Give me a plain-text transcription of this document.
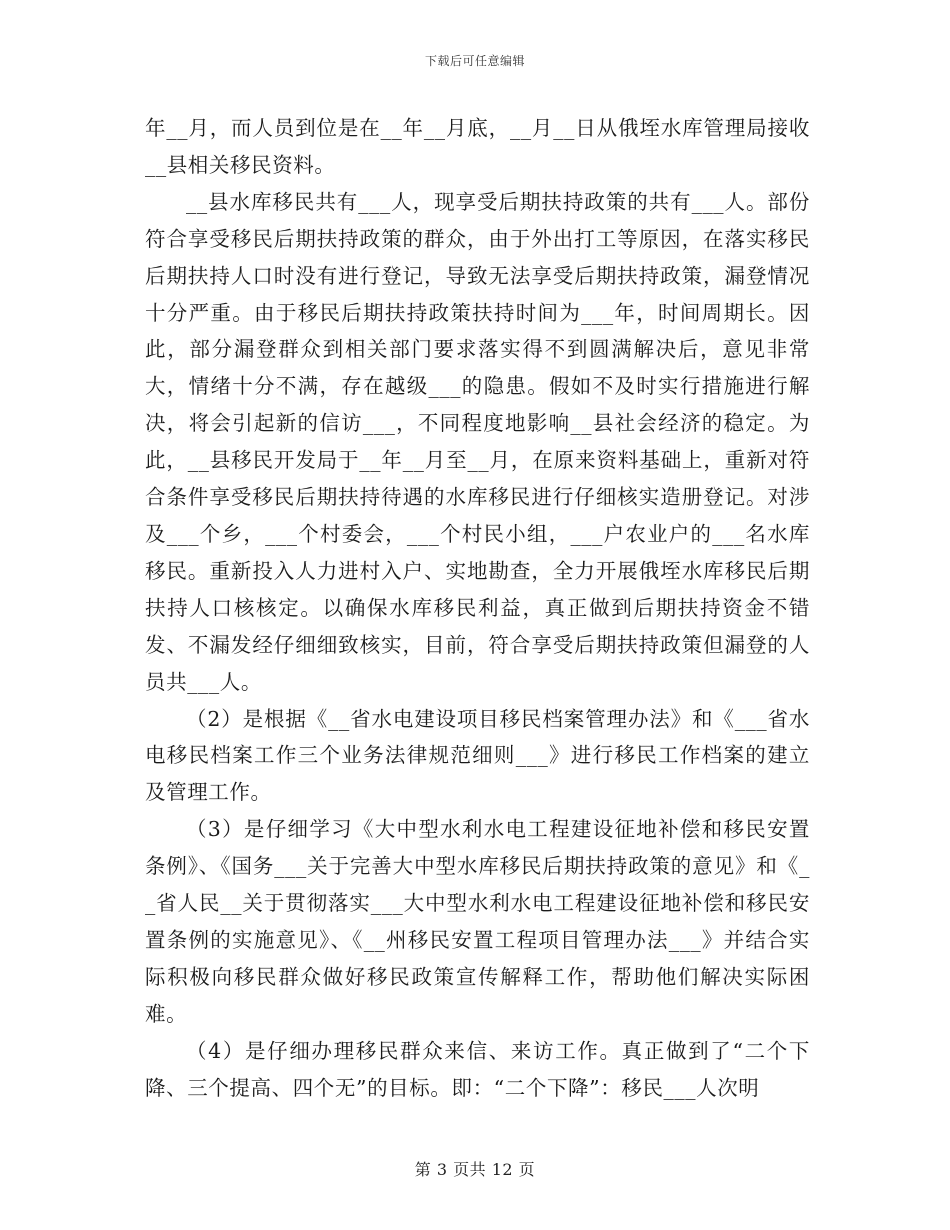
下载后可任意编辑

年__月，而人员到位是在__年__月底，__月__日从俄垤水库管理局接收__县相关移民资料。

__县水库移民共有___人，现享受后期扶持政策的共有___人。部份符合享受移民后期扶持政策的群众，由于外出打工等原因，在落实移民后期扶持人口时没有进行登记，导致无法享受后期扶持政策，漏登情况十分严重。由于移民后期扶持政策扶持时间为___年，时间周期长。因此，部分漏登群众到相关部门要求落实得不到圆满解决后，意见非常大，情绪十分不满，存在越级___的隐患。假如不及时实行措施进行解决，将会引起新的信访___，不同程度地影响__县社会经济的稳定。为此，__县移民开发局于__年__月至__月，在原来资料基础上，重新对符合条件享受移民后期扶持待遇的水库移民进行仔细核实造册登记。对涉及___个乡，___个村委会，___个村民小组，___户农业户的___名水库移民。重新投入人力进村入户、实地勘查，全力开展俄垤水库移民后期扶持人口核核定。以确保水库移民利益，真正做到后期扶持资金不错发、不漏发经仔细细致核实，目前，符合享受后期扶持政策但漏登的人员共___人。

（2）是根据《__省水电建设项目移民档案管理办法》和《___省水电移民档案工作三个业务法律规范细则___》进行移民工作档案的建立及管理工作。

（3）是仔细学习《大中型水利水电工程建设征地补偿和移民安置条例》、《国务___关于完善大中型水库移民后期扶持政策的意见》和《__省人民__关于贯彻落实___大中型水利水电工程建设征地补偿和移民安置条例的实施意见》、《__州移民安置工程项目管理办法___》并结合实际积极向移民群众做好移民政策宣传解释工作，帮助他们解决实际困难。

（4）是仔细办理移民群众来信、来访工作。真正做到了“二个下降、三个提高、四个无”的目标。即：“二个下降”：移民___人次明

第 3 页共 12 页
